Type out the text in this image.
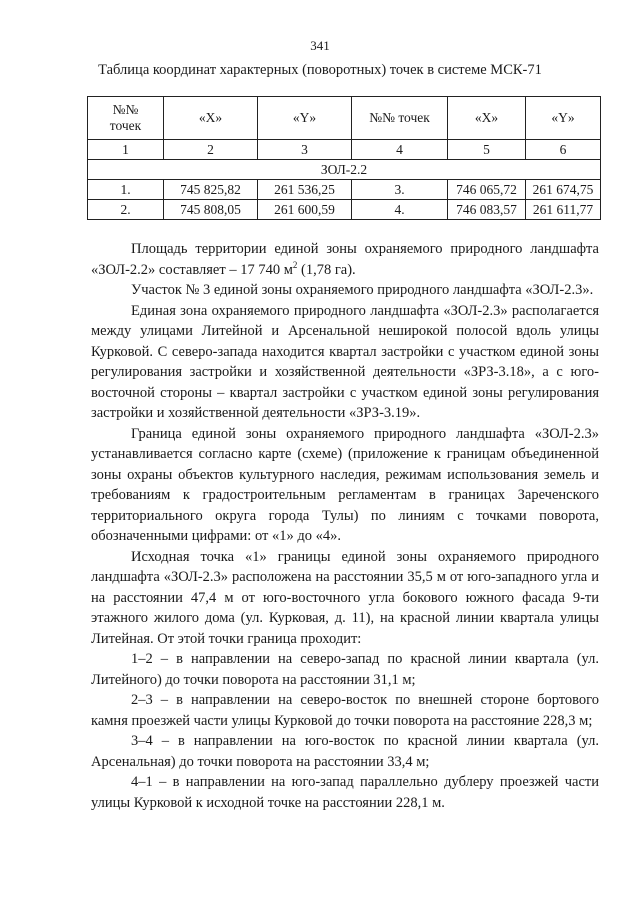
341
Таблица координат характерных (поворотных) точек в системе МСК-71
№№
точек	«X»	«Y»	№№ точек	«X»	«Y»
1	2	3	4	5	6
ЗОЛ-2.2					
1.	745 825,82	261 536,25	3.	746 065,72	261 674,75
2.	745 808,05	261 600,59	4.	746 083,57	261 611,77

Площадь территории единой зоны охраняемого природного ландшафта «ЗОЛ-2.2» составляет – 17 740 $м^2$ (1,78 га).

Участок № 3 единой зоны охраняемого природного ландшафта «ЗОЛ-2.3».

Единая зона охраняемого природного ландшафта «ЗОЛ-2.3» располагается между улицами Литейной и Арсенальной неширокой полосой вдоль улицы Курковой. С северо-запада находится квартал застройки с участком единой зоны регулирования застройки и хозяйственной деятельности «ЗРЗ-3.18», а с юго-восточной стороны – квартал застройки с участком единой зоны регулирования застройки и хозяйственной деятельности «ЗРЗ-3.19».

Граница единой зоны охраняемого природного ландшафта «ЗОЛ-2.3» устанавливается согласно карте (схеме) (приложение к границам объединенной зоны охраны объектов культурного наследия, режимам использования земель и требованиям к градостроительным регламентам в границах Зареченского территориального округа города Тулы) по линиям с точками поворота, обозначенными цифрами: от «1» до «4».

Исходная точка «1» границы единой зоны охраняемого природного ландшафта «ЗОЛ-2.3» расположена на расстоянии 35,5 м от юго-западного угла и на расстоянии 47,4 м от юго-восточного угла бокового южного фасада 9-ти этажного жилого дома (ул. Курковая, д. 11), на красной линии квартала улицы Литейная. От этой точки граница проходит:

1–2 – в направлении на северо-запад по красной линии квартала (ул. Литейного) до точки поворота на расстоянии 31,1 м;

2–3 – в направлении на северо-восток по внешней стороне бортового камня проезжей части улицы Курковой до точки поворота на расстояние 228,3 м;

3–4 – в направлении на юго-восток по красной линии квартала (ул. Арсенальная) до точки поворота на расстоянии 33,4 м;

4–1 – в направлении на юго-запад параллельно дублеру проезжей части улицы Курковой к исходной точке на расстоянии 228,1 м.
